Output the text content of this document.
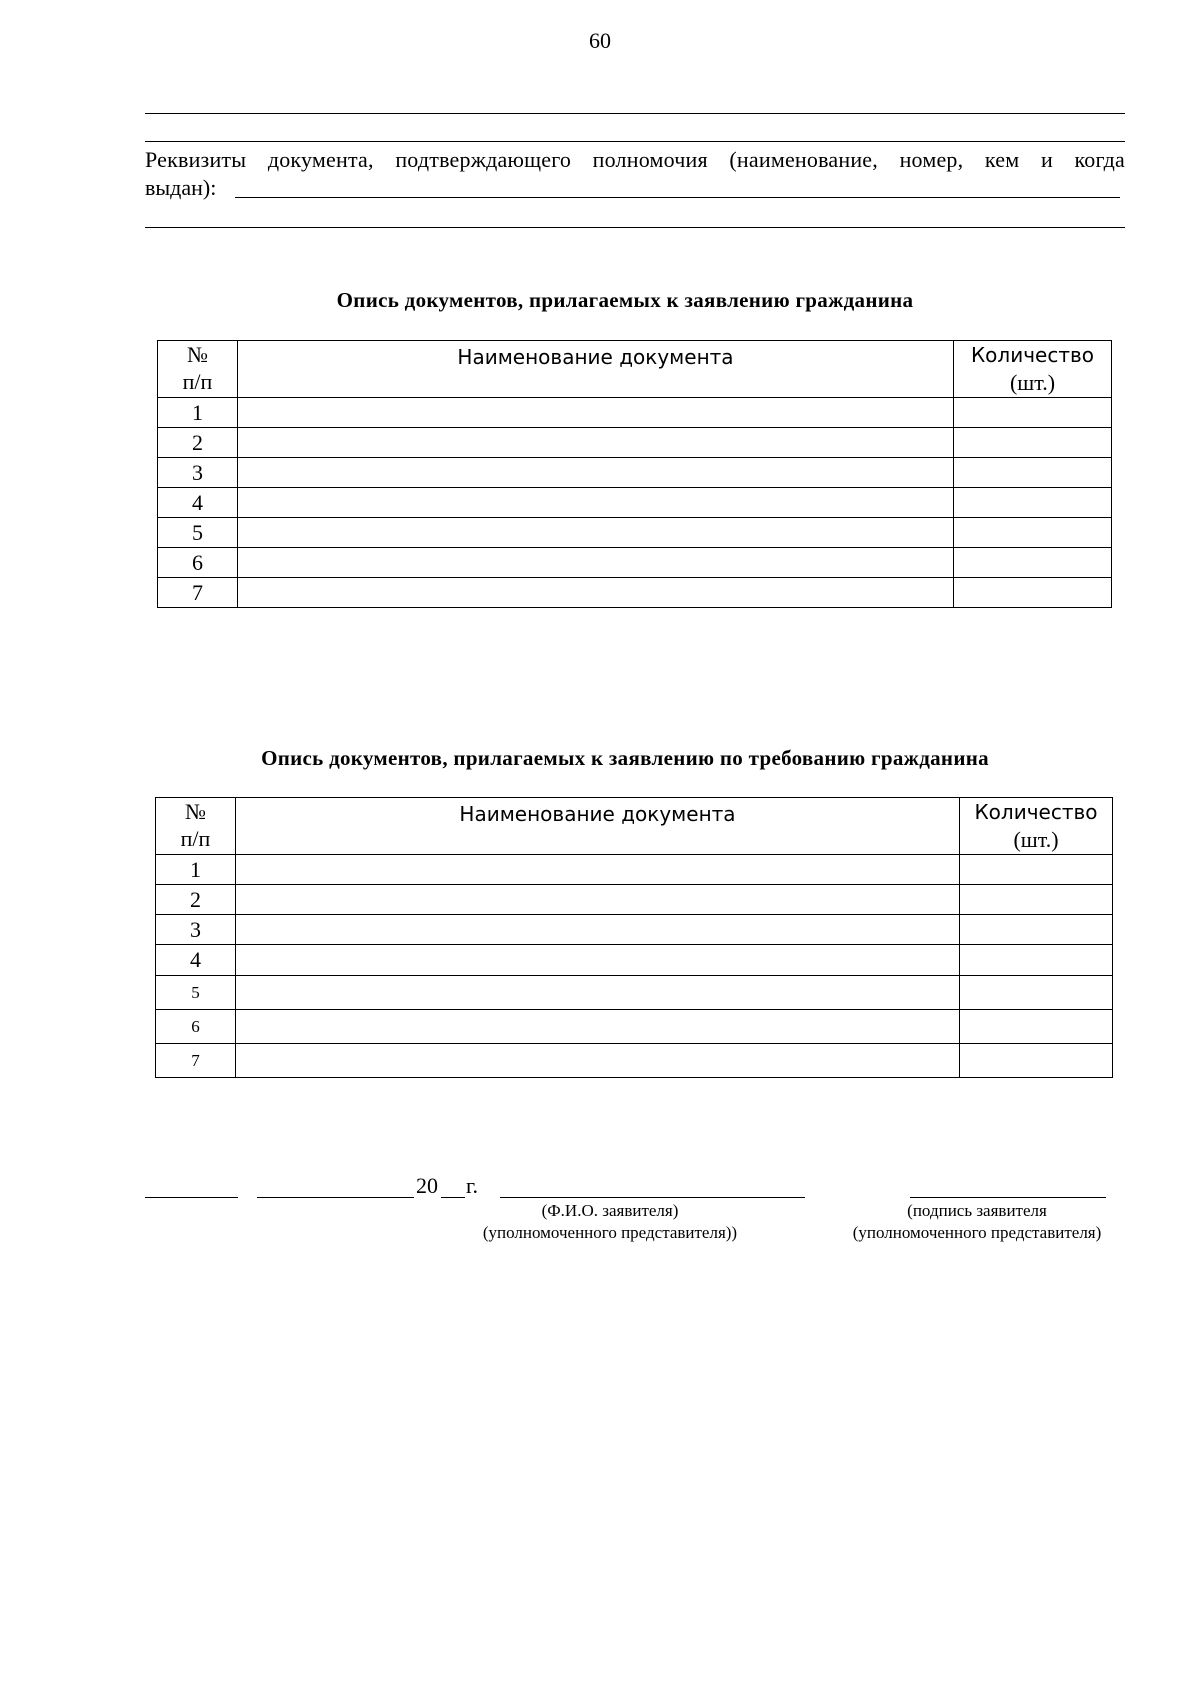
60
Реквизиты документа, подтверждающего полномочия (наименование, номер, кем и когда
выдан):
Опись документов, прилагаемых к заявлению гражданина
№
п/п	Наименование документа	Количество
(шт.)
1		
2		
3		
4		
5		
6		
7		
Опись документов, прилагаемых к заявлению по требованию гражданина
№
п/п	Наименование документа	Количество
(шт.)
1		
2		
3		
4		
5		
6		
7		
20 г.
(Ф.И.О. заявителя)
(уполномоченного представителя))
(подпись заявителя
(уполномоченного представителя)
